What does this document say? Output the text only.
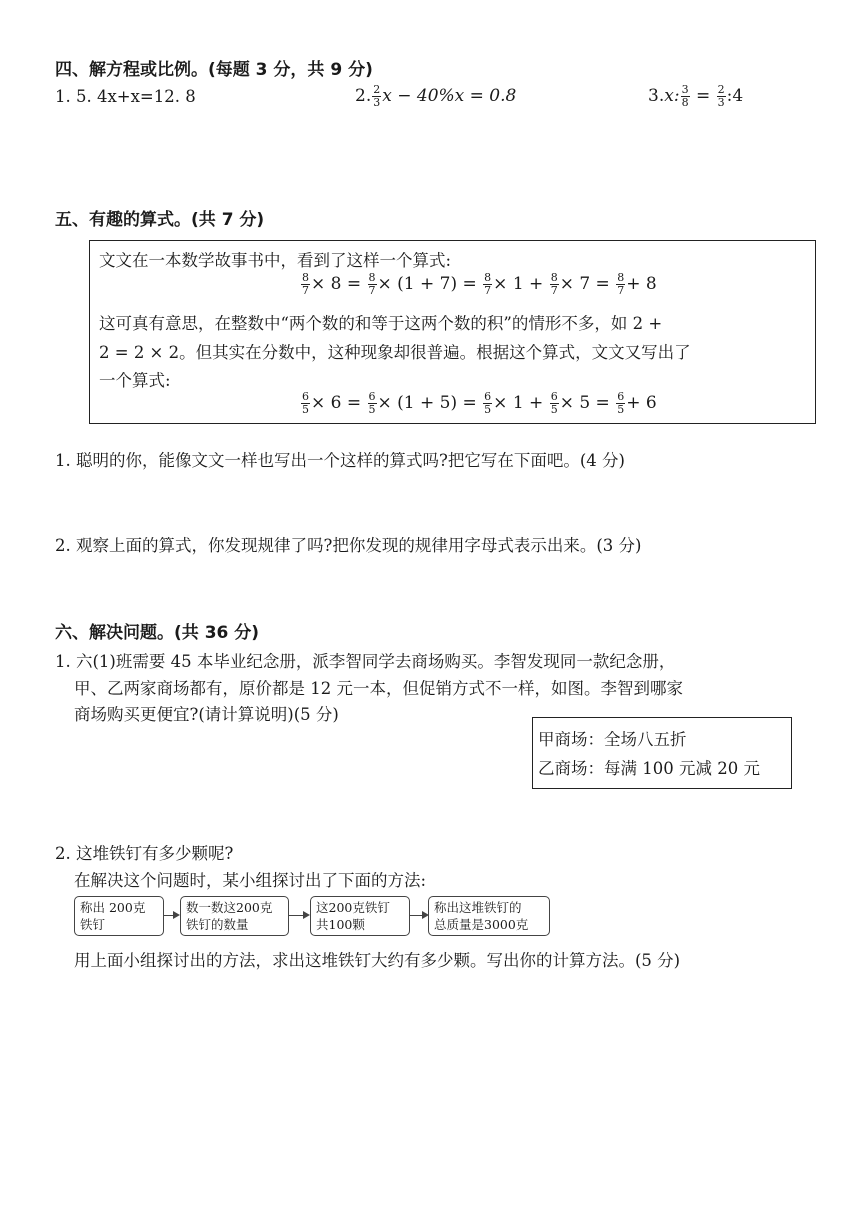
四、解方程或比例。(每题 3 分，共 9 分)
1. 5. 4x+x=12. 8	2. $\frac{2}{3}$ x − 40%x = 0.8	3.x: $\frac{3}{8} = \frac{2}{3}$ :4
五、有趣的算式。(共 7 分)
文文在一本数学故事书中，看到了这样一个算式:
$\frac{8}{7} \times 8 = \frac{8}{7} \times (1 + 7) = \frac{8}{7} \times 1 + \frac{8}{7} \times 7 = \frac{8}{7} + 8$
这可真有意思，在整数中“两个数的和等于这两个数的积”的情形不多，如 2 +
2 = 2 × 2。但其实在分数中，这种现象却很普遍。根据这个算式，文文又写出了
一个算式:
$\frac{6}{5} \times 6 = \frac{6}{5} \times (1 + 5) = \frac{6}{5} \times 1 + \frac{6}{5} \times 5 = \frac{6}{5} + 6$
1. 聪明的你，能像文文一样也写出一个这样的算式吗?把它写在下面吧。(4 分)
2. 观察上面的算式，你发现规律了吗?把你发现的规律用字母式表示出来。(3 分)
六、解决问题。(共 36 分)
1. 六(1)班需要 45 本毕业纪念册，派李智同学去商场购买。李智发现同一款纪念册，
甲、乙两家商场都有，原价都是 12 元一本，但促销方式不一样，如图。李智到哪家
商场购买更便宜?(请计算说明)(5 分)
甲商场：全场八五折
乙商场：每满 100 元减 20 元
2. 这堆铁钉有多少颗呢?
在解决这个问题时，某小组探讨出了下面的方法:
称出 200克
铁钉
数一数这200克
铁钉的数量
这200克铁钉
共100颗
称出这堆铁钉的
总质量是3000克
用上面小组探讨出的方法，求出这堆铁钉大约有多少颗。写出你的计算方法。(5 分)
